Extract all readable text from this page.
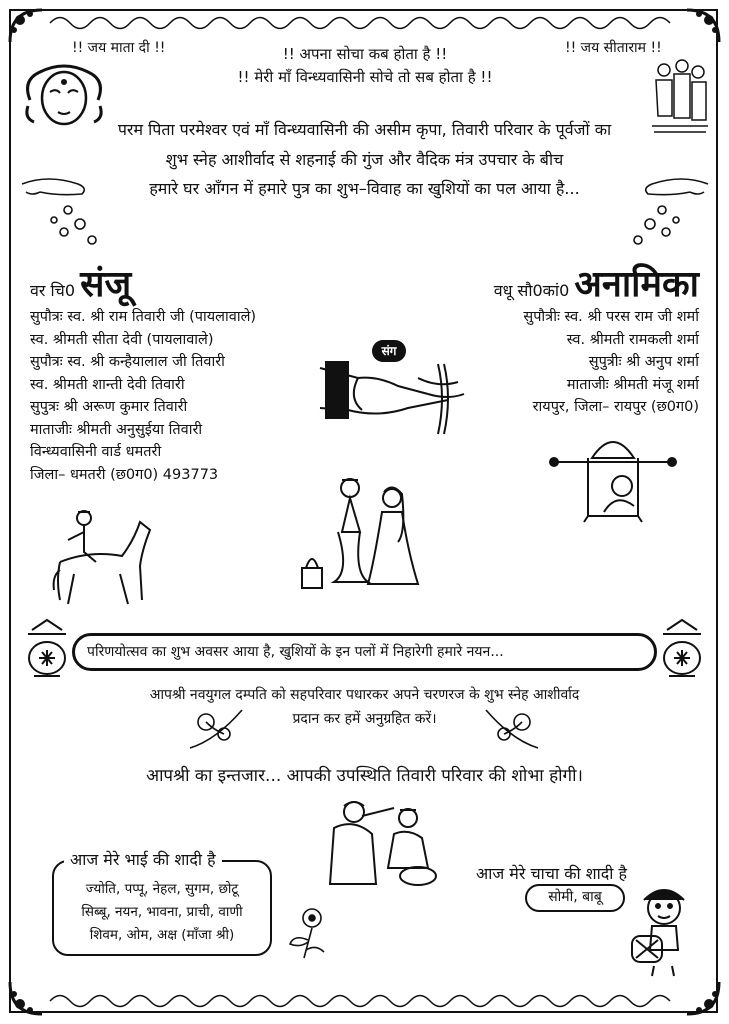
!! जय माता दी !!	!! अपना सोचा कब होता है !!
!! मेरी माँ विन्ध्यवासिनी सोचे तो सब होता है !!
!! जय सीताराम !!
परम पिता परमेश्वर एवं माँ विन्ध्यवासिनी की असीम कृपा, तिवारी परिवार के पूर्वजों का
शुभ स्नेह आशीर्वाद से शहनाई की गुंज और वैदिक मंत्र उपचार के बीच
हमारे घर आँगन में हमारे पुत्र का शुभ–विवाह का खुशियों का पल आया है...
वर चि0 संजू
सुपौत्रः स्व. श्री राम तिवारी जी (पायलावाले)
स्व. श्रीमती सीता देवी (पायलावाले)
सुपौत्रः स्व. श्री कन्हैयालाल जी तिवारी
स्व. श्रीमती शान्ती देवी तिवारी
सुपुत्रः श्री अरूण कुमार तिवारी
माताजीः श्रीमती अनुसुईया तिवारी
विन्ध्यवासिनी वार्ड धमतरी
जिला– धमतरी (छ0ग0) 493773
वधू सौ0कां0 अनामिका
सुपौत्रीः स्व. श्री परस राम जी शर्मा
स्व. श्रीमती रामकली शर्मा
सुपुत्रीः श्री अनुप शर्मा
माताजीः श्रीमती मंजू शर्मा
रायपुर, जिला– रायपुर (छ0ग0)
संग
परिणयोत्सव का शुभ अवसर आया है, खुशियों के इन पलों में निहारेगी हमारे नयन...
आपश्री नवयुगल दम्पति को सहपरिवार पधारकर अपने चरणरज के शुभ स्नेह आशीर्वाद
प्रदान कर हमें अनुग्रहित करें।
आपश्री का इन्तजार... आपकी उपस्थिति तिवारी परिवार की शोभा होगी।
आज मेरे भाई की शादी है
ज्योति, पप्पू, नेहल, सुगम, छोटू
सिब्बू, नयन, भावना, प्राची, वाणी
शिवम, ओम, अक्ष (माँजा श्री)
आज मेरे चाचा की शादी है
सोमी, बाबू
